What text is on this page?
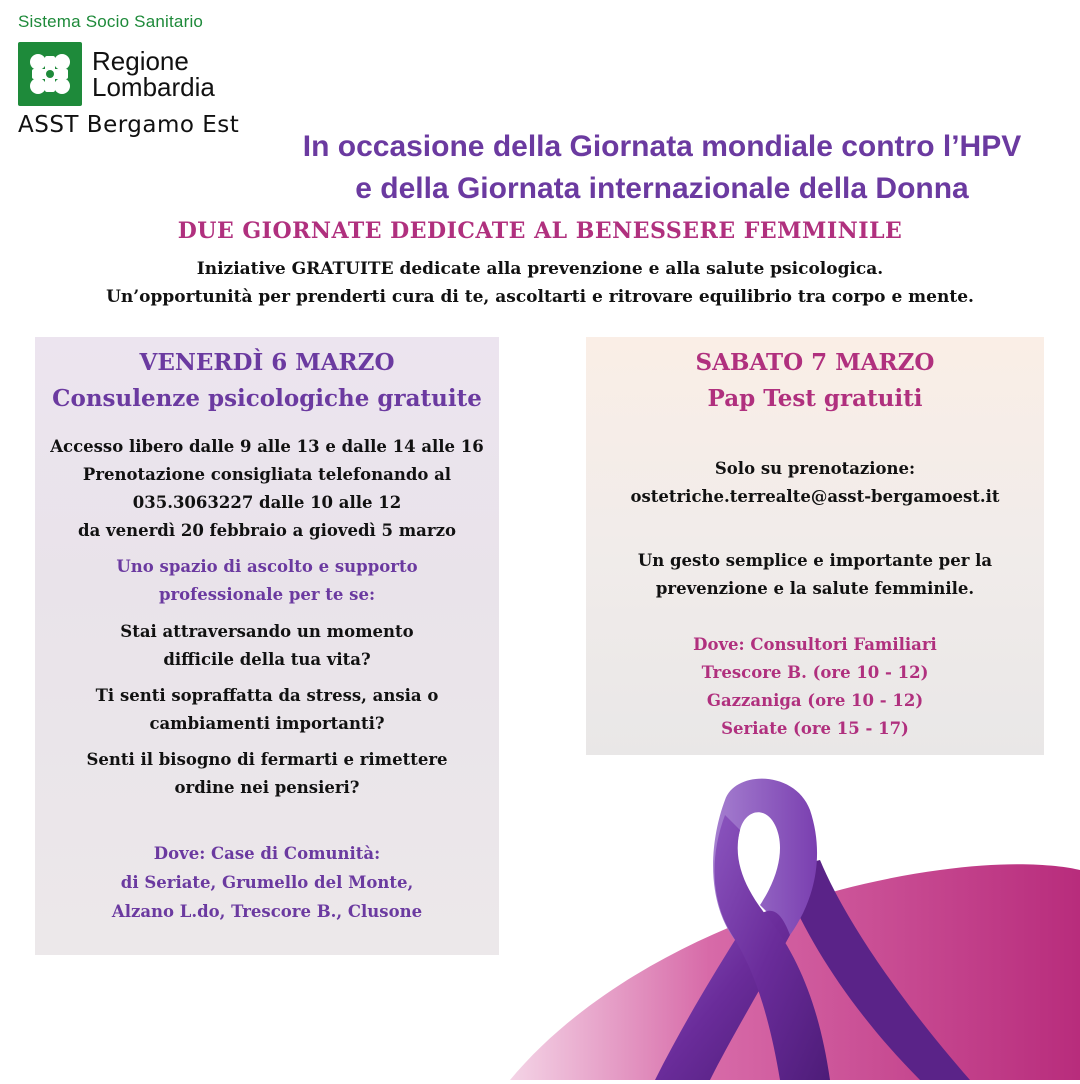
Sistema Socio Sanitario
Regione
Lombardia
ASST Bergamo Est
In occasione della Giornata mondiale contro l’HPV
e della Giornata internazionale della Donna
DUE GIORNATE DEDICATE AL BENESSERE FEMMINILE
Iniziative GRATUITE dedicate alla prevenzione e alla salute psicologica.
Un’opportunità per prenderti cura di te, ascoltarti e ritrovare equilibrio tra corpo e mente.
VENERDÌ 6 MARZO
Consulenze psicologiche gratuite
Accesso libero dalle 9 alle 13 e dalle 14 alle 16
Prenotazione consigliata telefonando al
035.3063227 dalle 10 alle 12
da venerdì 20 febbraio a giovedì 5 marzo
Uno spazio di ascolto e supporto
professionale per te se:
Stai attraversando un momento
difficile della tua vita?
Ti senti sopraffatta da stress, ansia o
cambiamenti importanti?
Senti il bisogno di fermarti e rimettere
ordine nei pensieri?
Dove: Case di Comunità:
di Seriate, Grumello del Monte,
Alzano L.do, Trescore B., Clusone
SABATO 7 MARZO
Pap Test gratuiti
Solo su prenotazione:
ostetriche.terrealte@asst-bergamoest.it
Un gesto semplice e importante per la
prevenzione e la salute femminile.
Dove: Consultori Familiari
Trescore B. (ore 10 - 12)
Gazzaniga (ore 10 - 12)
Seriate (ore 15 - 17)
